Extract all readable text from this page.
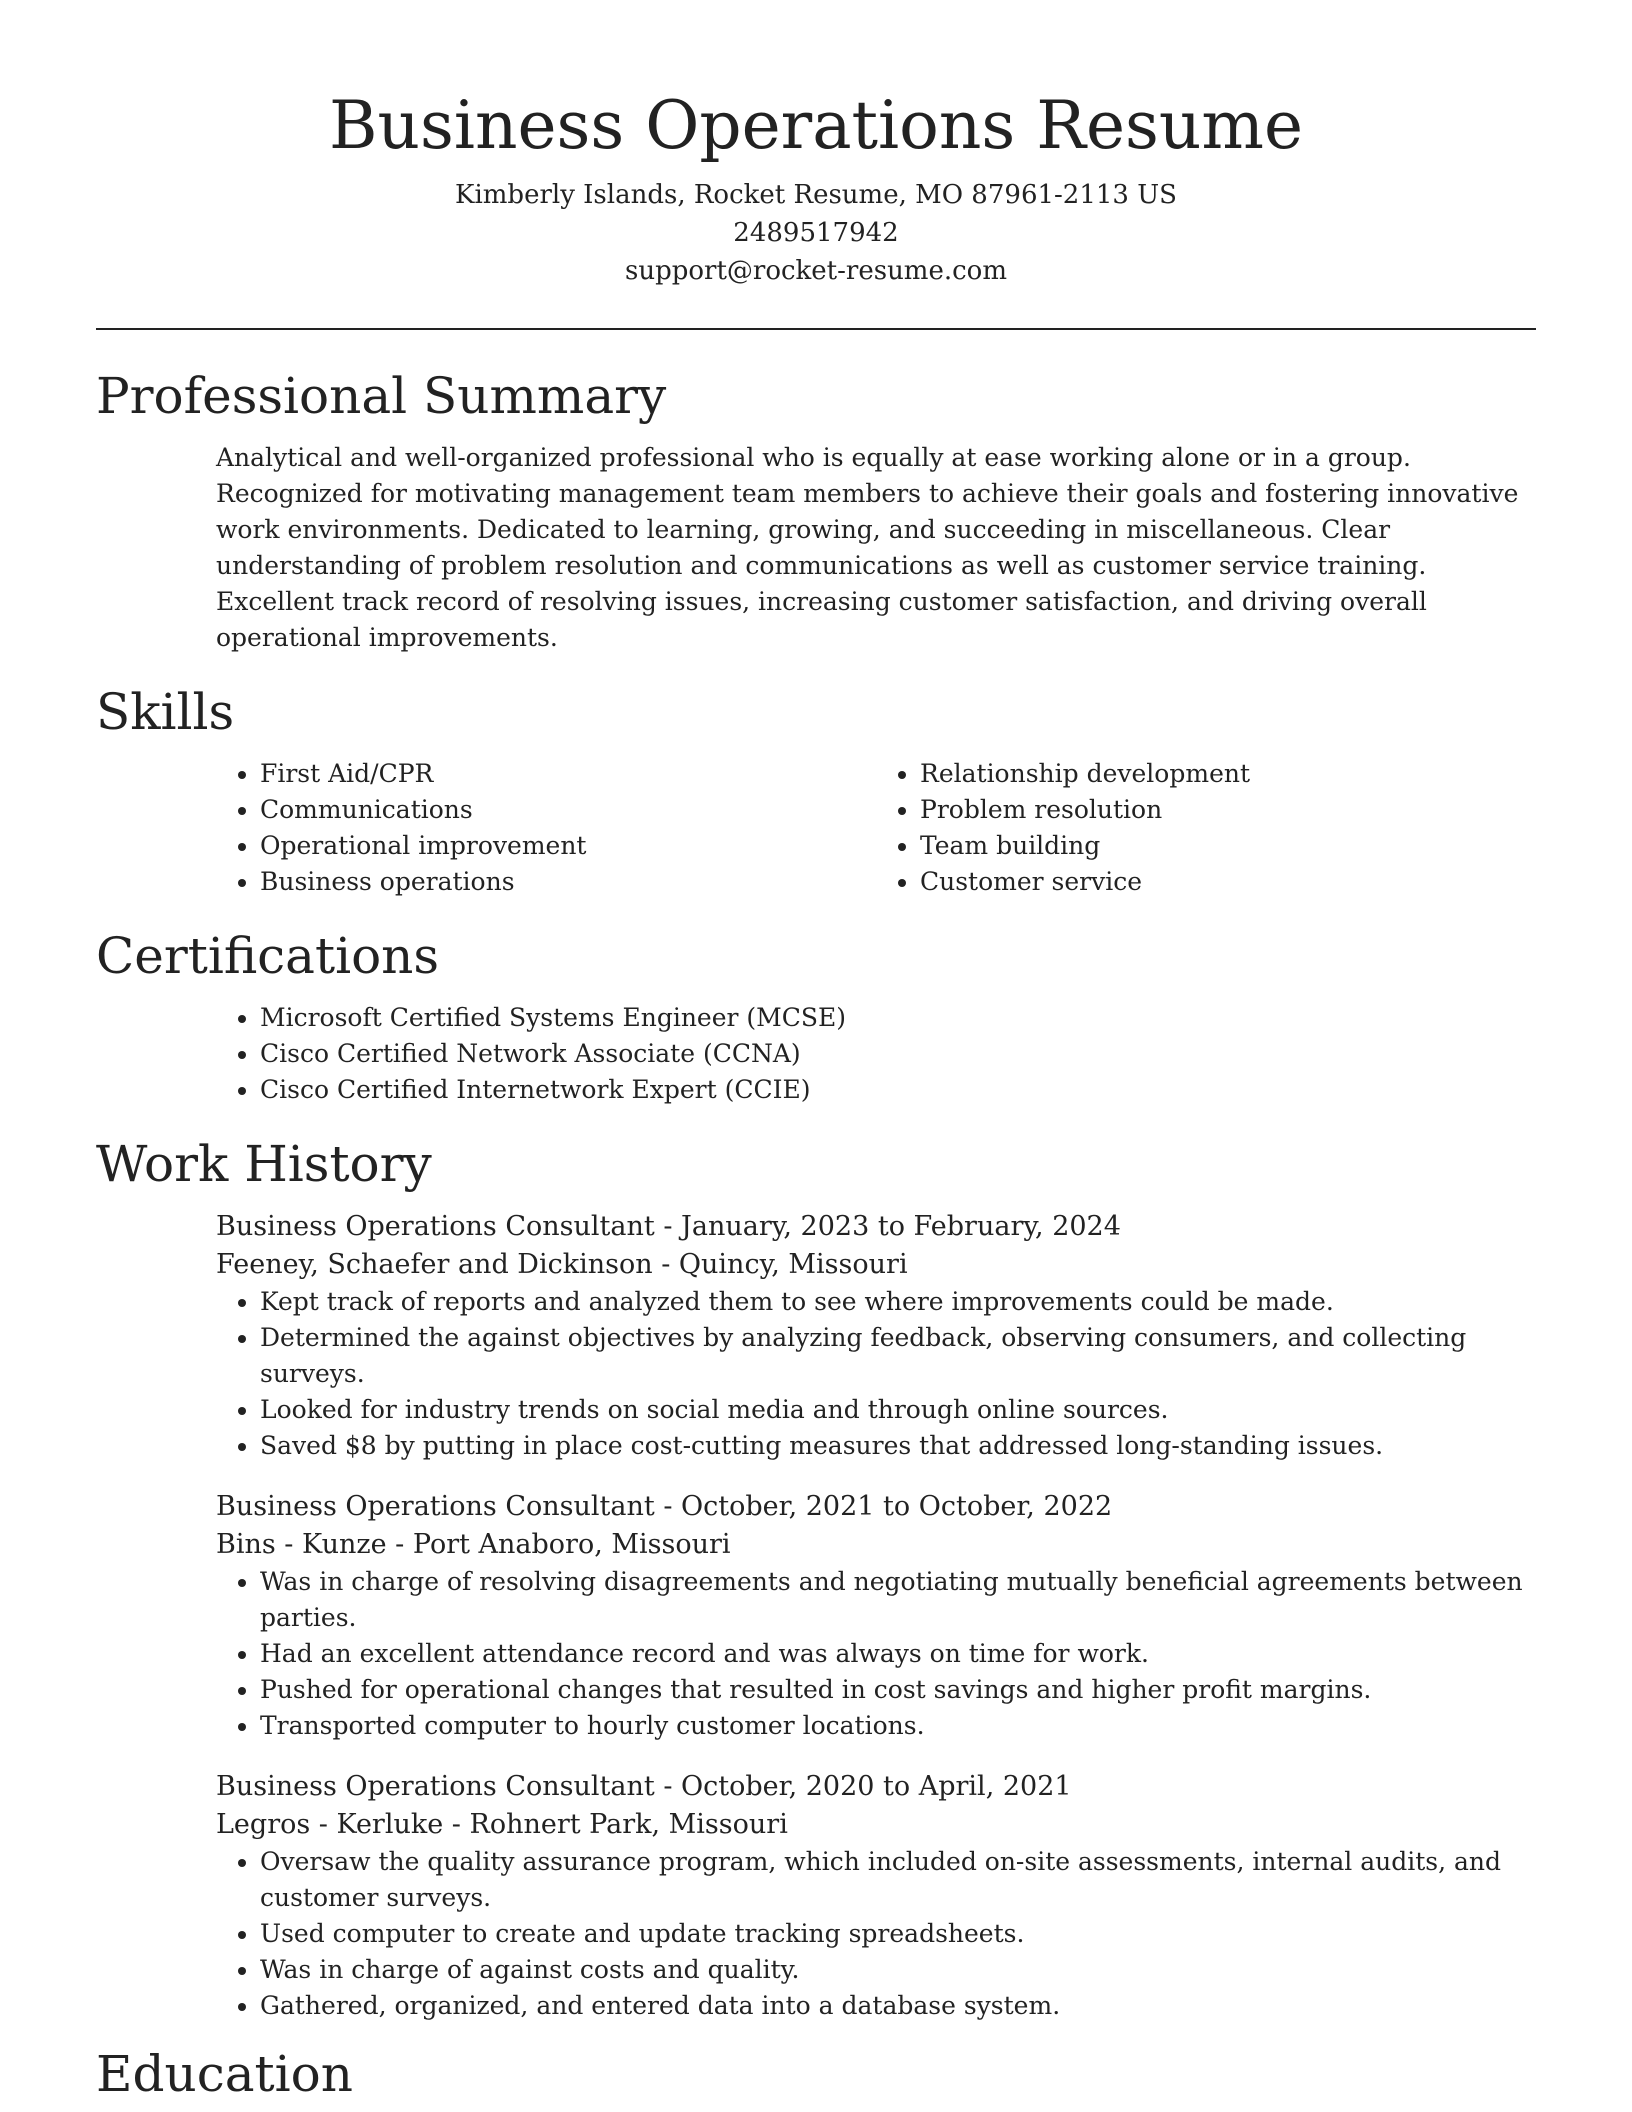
Business Operations Resume
Kimberly Islands, Rocket Resume, MO 87961-2113 US
2489517942
support@rocket-resume.com
Professional Summary

Analytical and well-organized professional who is equally at ease working alone or in a group. Recognized for motivating management team members to achieve their goals and fostering innovative work environments. Dedicated to learning, growing, and succeeding in miscellaneous. Clear understanding of problem resolution and communications as well as customer service training. Excellent track record of resolving issues, increasing customer satisfaction, and driving overall operational improvements.

Skills
• First Aid/CPR
• Communications
• Operational improvement
• Business operations
• Relationship development
• Problem resolution
• Team building
• Customer service
Certifications
• Microsoft Certified Systems Engineer (MCSE)
• Cisco Certified Network Associate (CCNA)
• Cisco Certified Internetwork Expert (CCIE)
Work History
Business Operations Consultant - January, 2023 to February, 2024
Feeney, Schaefer and Dickinson - Quincy, Missouri
• Kept track of reports and analyzed them to see where improvements could be made.
• Determined the against objectives by analyzing feedback, observing consumers, and collecting surveys.
• Looked for industry trends on social media and through online sources.
• Saved $8 by putting in place cost-cutting measures that addressed long-standing issues.
Business Operations Consultant - October, 2021 to October, 2022
Bins - Kunze - Port Anaboro, Missouri
• Was in charge of resolving disagreements and negotiating mutually beneficial agreements between parties.
• Had an excellent attendance record and was always on time for work.
• Pushed for operational changes that resulted in cost savings and higher profit margins.
• Transported computer to hourly customer locations.
Business Operations Consultant - October, 2020 to April, 2021
Legros - Kerluke - Rohnert Park, Missouri
• Oversaw the quality assurance program, which included on-site assessments, internal audits, and customer surveys.
• Used computer to create and update tracking spreadsheets.
• Was in charge of against costs and quality.
• Gathered, organized, and entered data into a database system.
Education
